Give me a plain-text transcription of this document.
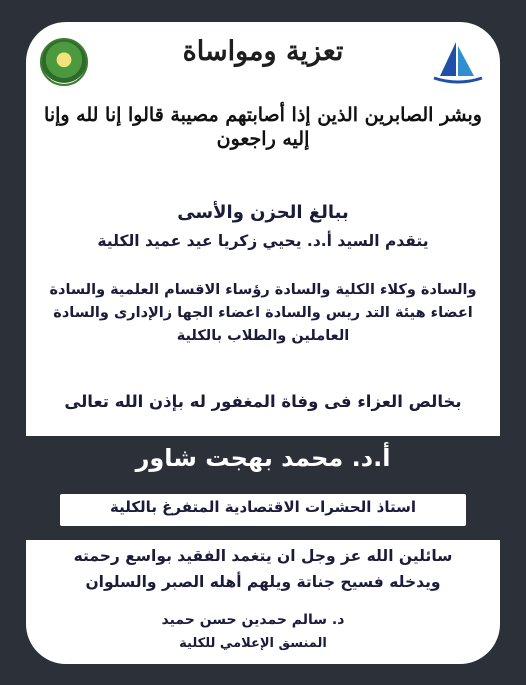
تعزية ومواساة
وبشر الصابرين الذين إذا أصابتهم مصيبة قالوا إنا لله وإنا إليه راجعون
ببالغ الحزن والأسى
يتقدم السيد أ.د. يحيي زكريا عيد عميد الكلية
والسادة وكلاء الكلية والسادة رؤساء الاقسام العلمية والسادة
اعضاء هيئة التد ريس والسادة اعضاء الجها زالإدارى والسادة
العاملين والطلاب بالكلية
بخالص العزاء فى وفاة المغفور له بإذن الله تعالى
أ.د. محمد بهجت شاور
استاذ الحشرات الاقتصادية المتفرغ بالكلية
سائلين الله عز وجل ان يتغمد الفقيد بواسع رحمته
ويدخله فسيح جناتة ويلهم أهله الصبر والسلوان
د. سالم حمدين حسن حميد
المنسق الإعلامي للكلية
